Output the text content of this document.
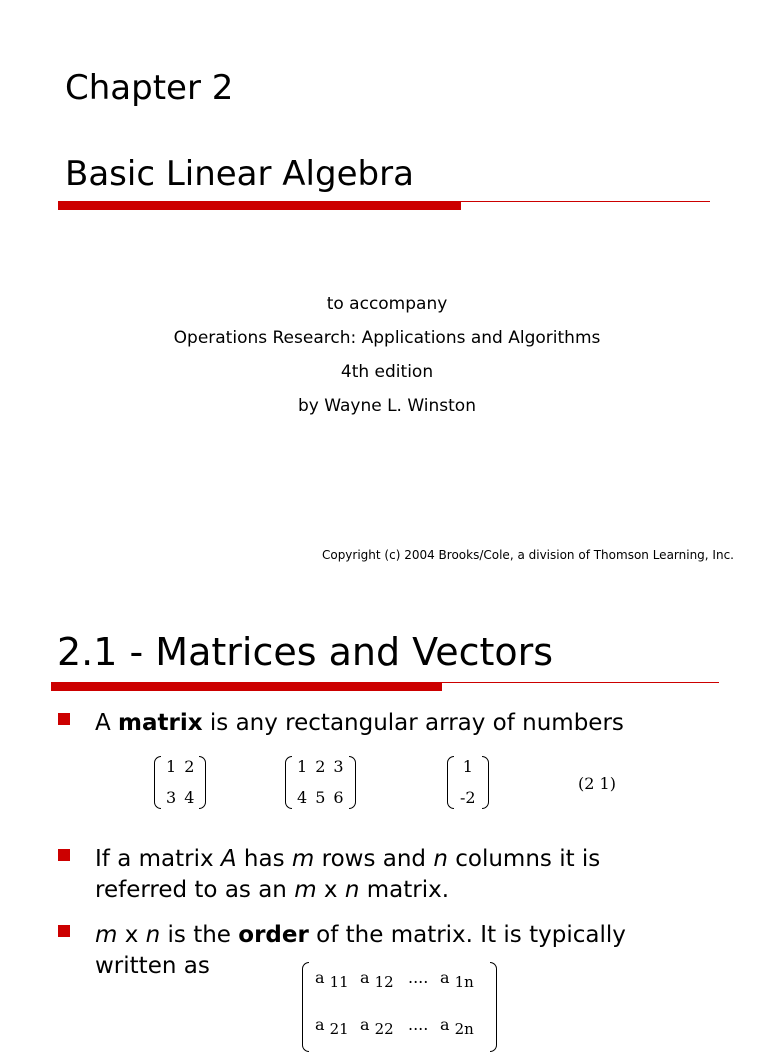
Chapter 2
Basic Linear Algebra
to accompany
Operations Research: Applications and Algorithms
4th edition
by Wayne L. Winston
Copyright (c) 2004 Brooks/Cole, a division of Thomson Learning, Inc.
2.1 - Matrices and Vectors
A matrix is any rectangular array of numbers
1 2
3 4
1 2 3
4 5 6
1
-2
(2 1)
If a matrix A has m rows and n columns it is
referred to as an m x n matrix.
m x n is the order of the matrix. It is typically
written as	a $_{11}$ a $_{12}$ .... a $_{1n}$
a $_{21}$ a $_{22}$ .... a $_{2n}$
